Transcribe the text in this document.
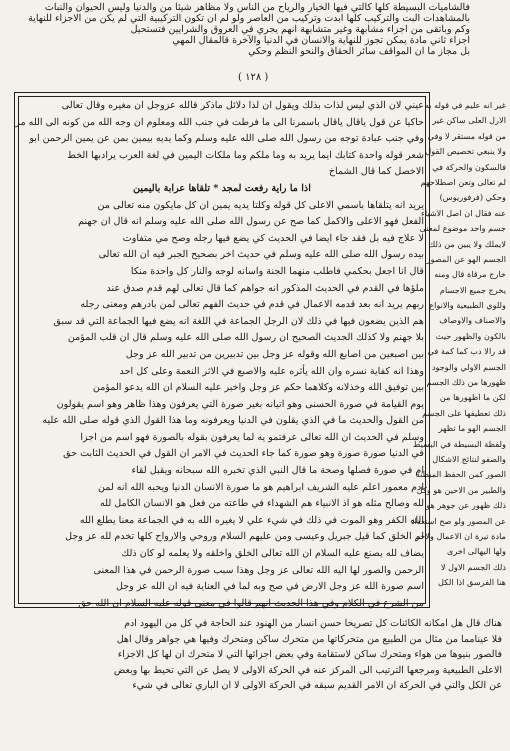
فالشاميات البسيطة كلها كالتي فيها الخيار والرياح من الناس ولا مظاهر شيئا من والدنيا وليس الحيوان والنبات
بالمشاهدات البت والتركيب كلها ابدت وتركيب من العاصر ولو لم ان تكون التركيبية التي لم يكن من الاجزاء للنهاية
وكم وباتقى من اجزاء مشابهة وغير متشابهة انهم يجري في العروق والشرايين فتستحيل
اجزاء ثاني مادة يمكن تجوز للنهاية والانسان في الدنيا والآخرة قالمقال المهي
بل مجاز ما ان المواقف سائر الحقاق والنحو النظم وحكي
( ١٢٨ )
عيني لان الذي ليس لذات بذلك ويقول ان لذا دلائل ماذكر قالله عزوجل ان مغيره وقال تعالى
حاكيا عن قول ياقال ياقال باسمرنا الى ما فرطت في جنب الله ومعلوم ان وجه الله من كونه الى الله مر
وفي جنب عبادة توجه من رسول الله صلى الله عليه وسلم وكما يديه بيمين بمن عن يمين الرحمن ابو
شعر قوله واحدة كتابك ايما يريد به وما ملكم وما ملكات اليمين في لغة العرب يرادبها الخط
الاخصل كما قال الشماخ
اذا ما راية رفعت لمجد * تلقاها عرابة باليمين
يريد انه يتلقاها باسمي الاعلى كل قوله وكلتا يديه يمين ان كل مايكون منه تعالى من
الفعل فهو الاعلى والاكمل كما صح عن رسول الله صلى الله عليه وسلم انه قال ان جهنم
لا علاج فيه بل فقد جاء ايضا في الحديث كي يضع فيها رجله وصح مي متفاوت
بيده رسول الله صلى الله عليه وسلم في حديث اخر بصحيح الجبر فيه ان الله تعالى
قال انا اجعل بحكمي فاطلب منهما الجنة واسانه لوجه والنار كل واحدة منكا
ملؤها في القدم في الحديث المذكور انه جواهم كما قال تعالى لهم قدم صدق عند
ربهم يريد انه بعد قدمه الاعمال في قدم في حديث الفهم تعالى لمن بادرهم ومعنى رجله
هم الذين يضعون فيها في ذلك لان الرجل الجماعة في اللغة انه يضع فيها الجماعة التي قد سبق
بلا جهنم ولا كذلك الحديث الصحيح ان رسول الله صلى الله عليه وسلم قال ان قلب المؤمن
بين اصبعين من اصابع الله وقوله عز وجل بين تدبيرين من تدبير الله عز وجل
وهذا انه كفاية نسره وان الله يأثره عليه والاصبع في الاثر النعمة وعلى كل احد
بين توفيق الله وخذلانه وكلاهما حكم عز وجل واخبر عليه السلام ان الله يدعو المؤمن
يوم القيامة في صورة الحسنى وهو اتيانه بغير صورة التي يعرفون وهذا ظاهر وهو اسم يقولون
من القول والحديث ما في الذي يقلون في الدنيا ويعرفونه وما هذا القول الذي قوله صلى الله عليه
وسلم في الحديث ان الله تعالى عرفتمو يه لما يعرفون بقوله بالصورة فهو اسم من اجزا
في الدنيا صورة صورة وهو صورة كما جاء الحديث في الامر ان القول في الحديث الثابت حق
ام في صورة فصلها وصحة ما قال النبي الذي تخبره الله سبحانه ويقبل لقاء
ادم معمور اعلم عليه الشريف ابراهيم هو ما صورة الانسان الدنيا ويحبه الله انه لمن
لله وصالح مثله هو اذ الانبياء هم الشهداء في طاعته من فعل هو الانسان الكامل لله
الله الكفر وهو الموت في ذلك في شيء علي لا يغيره الله به في الجماعة معنا يطلع الله
لم الخلق كما قيل جبريل وعيسى ومن عليهم السلام وروحي والارواح كلها تخدم لله عز وجل
يضاف لله يصنع عليه السلام ان الله تعالى الخلق واخلقه ولا يعلمه لو كان ذلك
الرحمن والصور لها اليه الله تعالى عز وجل وهذا سبب صورة الرحمن في هذا المعنى
اسم صورة الله عز وجل الارض في صح وبه لما في العناية فيه ان الله عز وجل
من الشرع في الكلام وفي هذا الحديث انهم قالوا في معنى قوله عليه السلام ان الله حق
غير انه عليم في قوله به
الارل العلى ساكن غير
من قوله مستقر لا وفي
ولا ينبغي تخصيص القول
فالسكون والحركة في
لم تعالى وتعن اصطلاحهم
وحكي (فرفوريوس)
عنه فقال ان اصل الاشياء
جسم واحد موضوع لمعنى
لايملك ولا يبين من ذلك
الجسم الهو عن المصور
خارج مرقاة قال ومنه
يخرج جميع الاجسام
وللوي الطبيعية والانواع
والاصناف والاوصاف
بالكون والظهور حيث
قد رالا دب كما كمة في
الجسم الاولي والوجود
ظهورها من ذلك الجسم
لكن ما اظهورها من
ذلك تعطيفها على الجسم
الجسم الهو ما تظهر
ولفظة البسيطة في البسيط
والصفو لنتائج الاشكال
الصور كمن الحفظ المبطنة
والطبير من الاحين هو وكل
ذلك ظهور عن جوهر هو
عن المصور ولو صح استعداد
مادة تيرة ان الاعمال ولاخر
ولها اليهالى اخرى
ذلك الجسم الاول لا
هنا الفرسق اذا الكل
هناك قال هل امكانه الكائنات كل تصريحا حسن انسار من الهنود عند الحاجة في كل من اليهود ادم
فلا عينامما من مثال من الطبيع من متحركاتها من متحرك ساكن ومتحرك وفيها هي جواهر وقال اهل
فالصور بنيوها من هواء ومتحرك ساكن لاستقامة وفي بعض اجزائها التي لا متحرك ان لها كل الاجزاء
الاعلى الطبيعية ومرجعها الترتيب الى المركز عنه في الحركة الاولى لا يصل عن التي تحيط بها وبعض
عن الكل والتي في الحركة ان الامر القديم سبقه في الحركة الاولى لا ان الباري تعالى في شيء
